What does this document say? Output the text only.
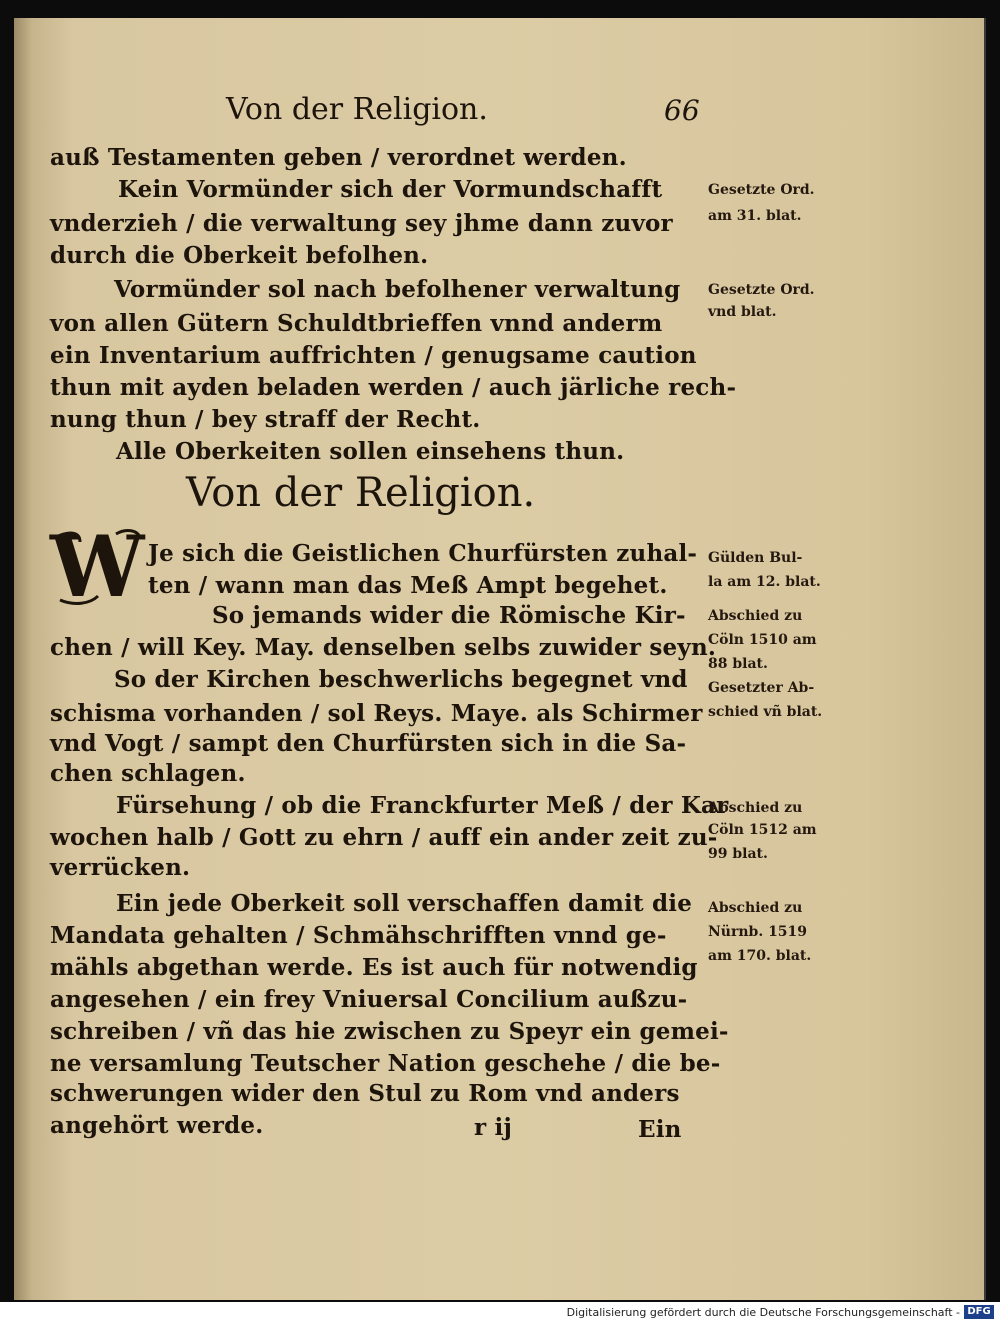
Von der Religion.	66
auß Testamenten geben / verordnet werden.
Kein Vormünder sich der Vormundschafft
vnderzieh / die verwaltung sey jhme dann zuvor
durch die Oberkeit befolhen.
Vormünder sol nach befolhener verwaltung
von allen Gütern Schuldtbrieffen vnnd anderm
ein Inventarium auffrichten / genugsame caution
thun mit ayden beladen werden / auch järliche rech-
nung thun / bey straff der Recht.
Alle Oberkeiten sollen einsehens thun.
Von der Religion.
W Je sich die Geistlichen Churfürsten zuhal-
ten / wann man das Meß Ampt begehet.
So jemands wider die Römische Kir-
chen / will Key. May. denselben selbs zuwider seyn.
So der Kirchen beschwerlichs begegnet vnd
schisma vorhanden / sol Reys. Maye. als Schirmer
vnd Vogt / sampt den Churfürsten sich in die Sa-
chen schlagen.
Fürsehung / ob die Franckfurter Meß / der Kar
wochen halb / Gott zu ehrn / auff ein ander zeit zu-
verrücken.
Ein jede Oberkeit soll verschaffen damit die
Mandata gehalten / Schmähschrifften vnnd ge-
mähls abgethan werde. Es ist auch für notwendig
angesehen / ein frey Vniuersal Concilium außzu-
schreiben / vñ das hie zwischen zu Speyr ein gemei-
ne versamlung Teutscher Nation geschehe / die be-
schwerungen wider den Stul zu Rom vnd anders
angehört werde.	r ij	Ein
Gesetzte Ord.
am 31. blat.
Gesetzte Ord.
vnd blat.
Gülden Bul-
la am 12. blat.
Abschied zu
Cöln 1510 am
88 blat.
Gesetzter Ab-
schied vñ blat.
Abschied zu
Cöln 1512 am
99 blat.
Abschied zu
Nürnb. 1519
am 170. blat.
Digitalisierung gefördert durch die Deutsche Forschungsgemeinschaft - DFG
